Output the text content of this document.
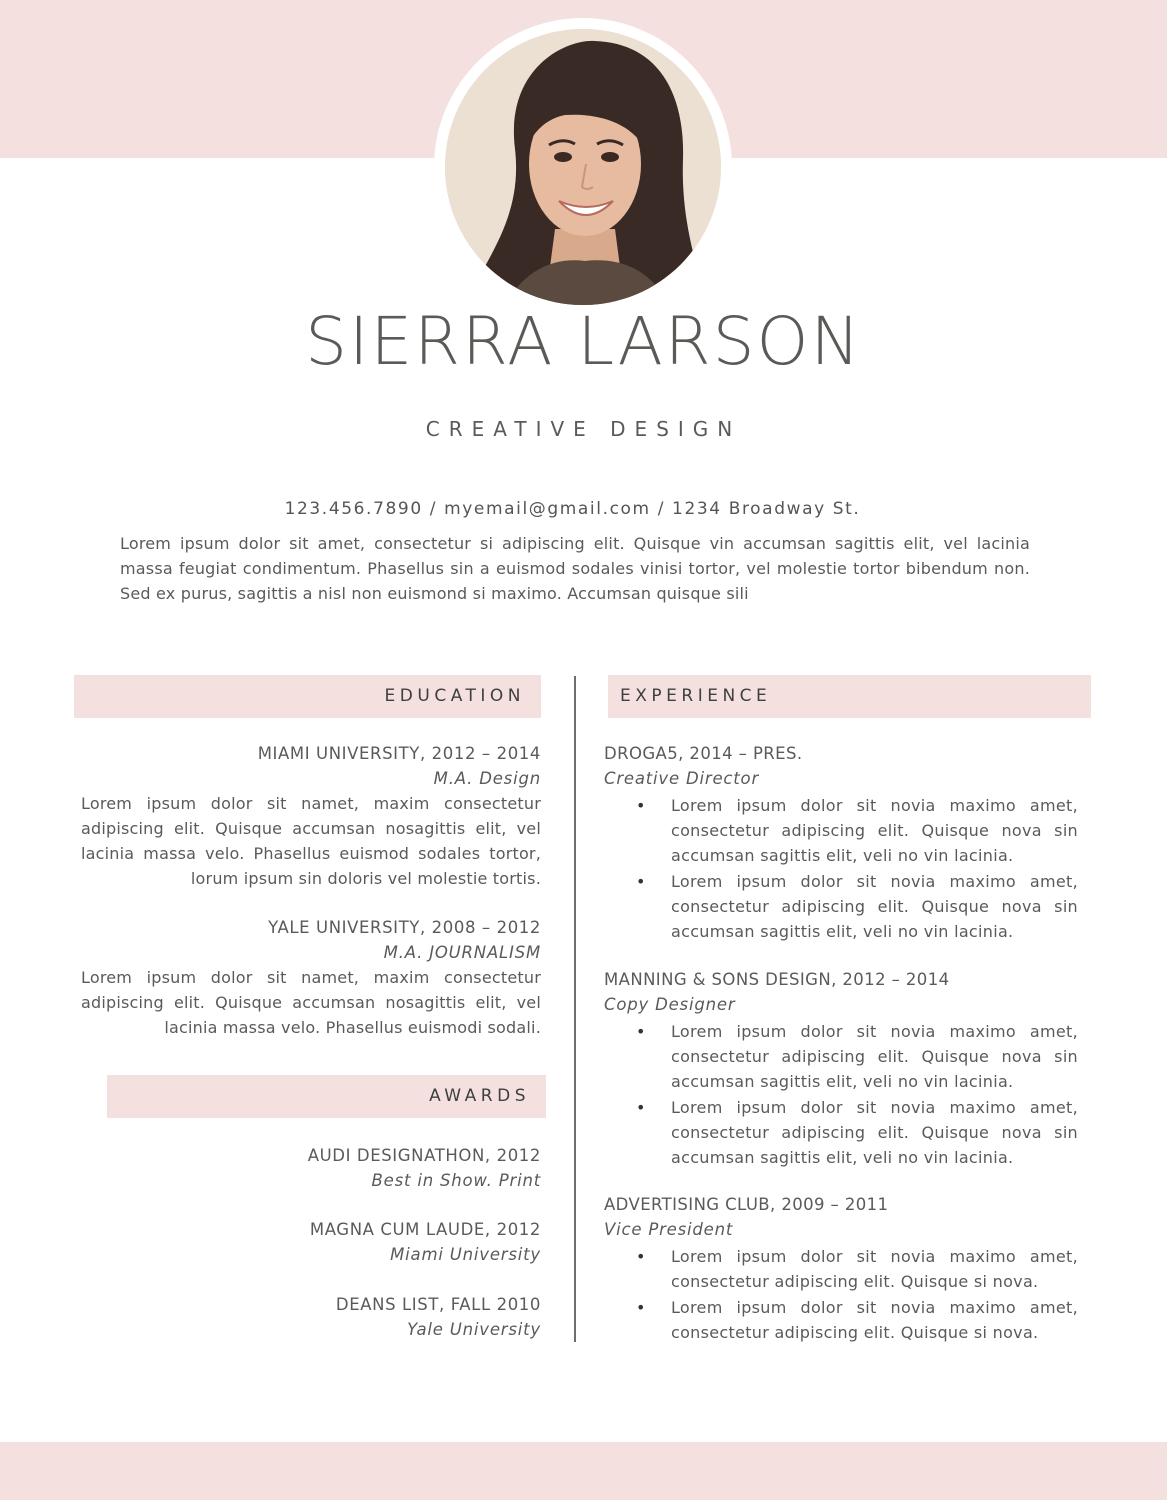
SIERRA LARSON
CREATIVE DESIGN
123.456.7890 / myemail@gmail.com / 1234 Broadway St.
Lorem ipsum dolor sit amet, consectetur si adipiscing elit. Quisque vin accumsan sagittis elit, vel lacinia massa feugiat condimentum. Phasellus sin a euismod sodales vinisi tortor, vel molestie tortor bibendum non. Sed ex purus, sagittis a nisl non euismond si maximo. Accumsan quisque sili
EDUCATION
MIAMI UNIVERSITY, 2012 – 2014
M.A. Design
Lorem ipsum dolor sit namet, maxim consectetur adipiscing elit. Quisque accumsan nosagittis elit, vel lacinia massa velo. Phasellus euismod sodales tortor, lorum ipsum sin doloris vel molestie tortis.
YALE UNIVERSITY, 2008 – 2012
M.A. JOURNALISM
Lorem ipsum dolor sit namet, maxim consectetur adipiscing elit. Quisque accumsan nosagittis elit, vel lacinia massa velo. Phasellus euismodi sodali.
AWARDS
AUDI DESIGNATHON, 2012
Best in Show. Print
MAGNA CUM LAUDE, 2012
Miami University
DEANS LIST, FALL 2010
Yale University
EXPERIENCE
DROGA5, 2014 – PRES.
Creative Director
• Lorem ipsum dolor sit novia maximo amet, consectetur adipiscing elit. Quisque nova sin accumsan sagittis elit, veli no vin lacinia.
• Lorem ipsum dolor sit novia maximo amet, consectetur adipiscing elit. Quisque nova sin accumsan sagittis elit, veli no vin lacinia.
MANNING & SONS DESIGN, 2012 – 2014
Copy Designer
• Lorem ipsum dolor sit novia maximo amet, consectetur adipiscing elit. Quisque nova sin accumsan sagittis elit, veli no vin lacinia.
• Lorem ipsum dolor sit novia maximo amet, consectetur adipiscing elit. Quisque nova sin accumsan sagittis elit, veli no vin lacinia.
ADVERTISING CLUB, 2009 – 2011
Vice President
• Lorem ipsum dolor sit novia maximo amet, consectetur adipiscing elit. Quisque si nova.
• Lorem ipsum dolor sit novia maximo amet, consectetur adipiscing elit. Quisque si nova.
